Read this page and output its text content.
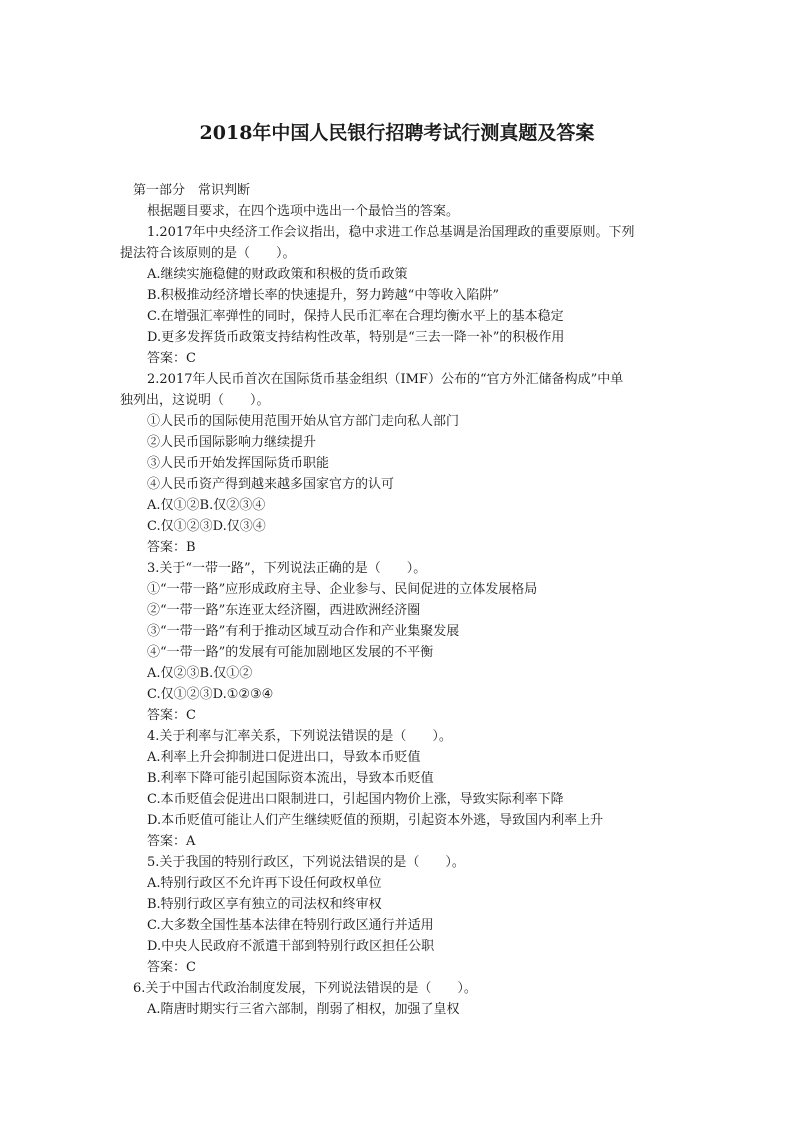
2018年中国人民银行招聘考试行测真题及答案
第一部分　常识判断
根据题目要求，在四个选项中选出一个最恰当的答案。
1.2017年中央经济工作会议指出，稳中求进工作总基调是治国理政的重要原则。下列
提法符合该原则的是（　　）。
A.继续实施稳健的财政政策和积极的货币政策
B.积极推动经济增长率的快速提升，努力跨越“中等收入陷阱”
C.在增强汇率弹性的同时，保持人民币汇率在合理均衡水平上的基本稳定
D.更多发挥货币政策支持结构性改革，特别是“三去一降一补”的积极作用
答案：C
2.2017年人民币首次在国际货币基金组织（IMF）公布的“官方外汇储备构成”中单
独列出，这说明（　　）。
①人民币的国际使用范围开始从官方部门走向私人部门
②人民币国际影响力继续提升
③人民币开始发挥国际货币职能
④人民币资产得到越来越多国家官方的认可
A.仅①②B.仅②③④
C.仅①②③D.仅③④
答案：B
3.关于“一带一路”，下列说法正确的是（　　）。
①“一带一路”应形成政府主导、企业参与、民间促进的立体发展格局
②“一带一路”东连亚太经济圈，西进欧洲经济圈
③“一带一路”有利于推动区域互动合作和产业集聚发展
④“一带一路”的发展有可能加剧地区发展的不平衡
A.仅②③B.仅①②
C.仅①②③D.①②③④
答案：C
4.关于利率与汇率关系，下列说法错误的是（　　）。
A.利率上升会抑制进口促进出口，导致本币贬值
B.利率下降可能引起国际资本流出，导致本币贬值
C.本币贬值会促进出口限制进口，引起国内物价上涨，导致实际利率下降
D.本币贬值可能让人们产生继续贬值的预期，引起资本外逃，导致国内利率上升
答案：A
5.关于我国的特别行政区，下列说法错误的是（　　）。
A.特别行政区不允许再下设任何政权单位
B.特别行政区享有独立的司法权和终审权
C.大多数全国性基本法律在特别行政区通行并适用
D.中央人民政府不派遣干部到特别行政区担任公职
答案：C
6.关于中国古代政治制度发展，下列说法错误的是（　　）。
A.隋唐时期实行三省六部制，削弱了相权，加强了皇权
